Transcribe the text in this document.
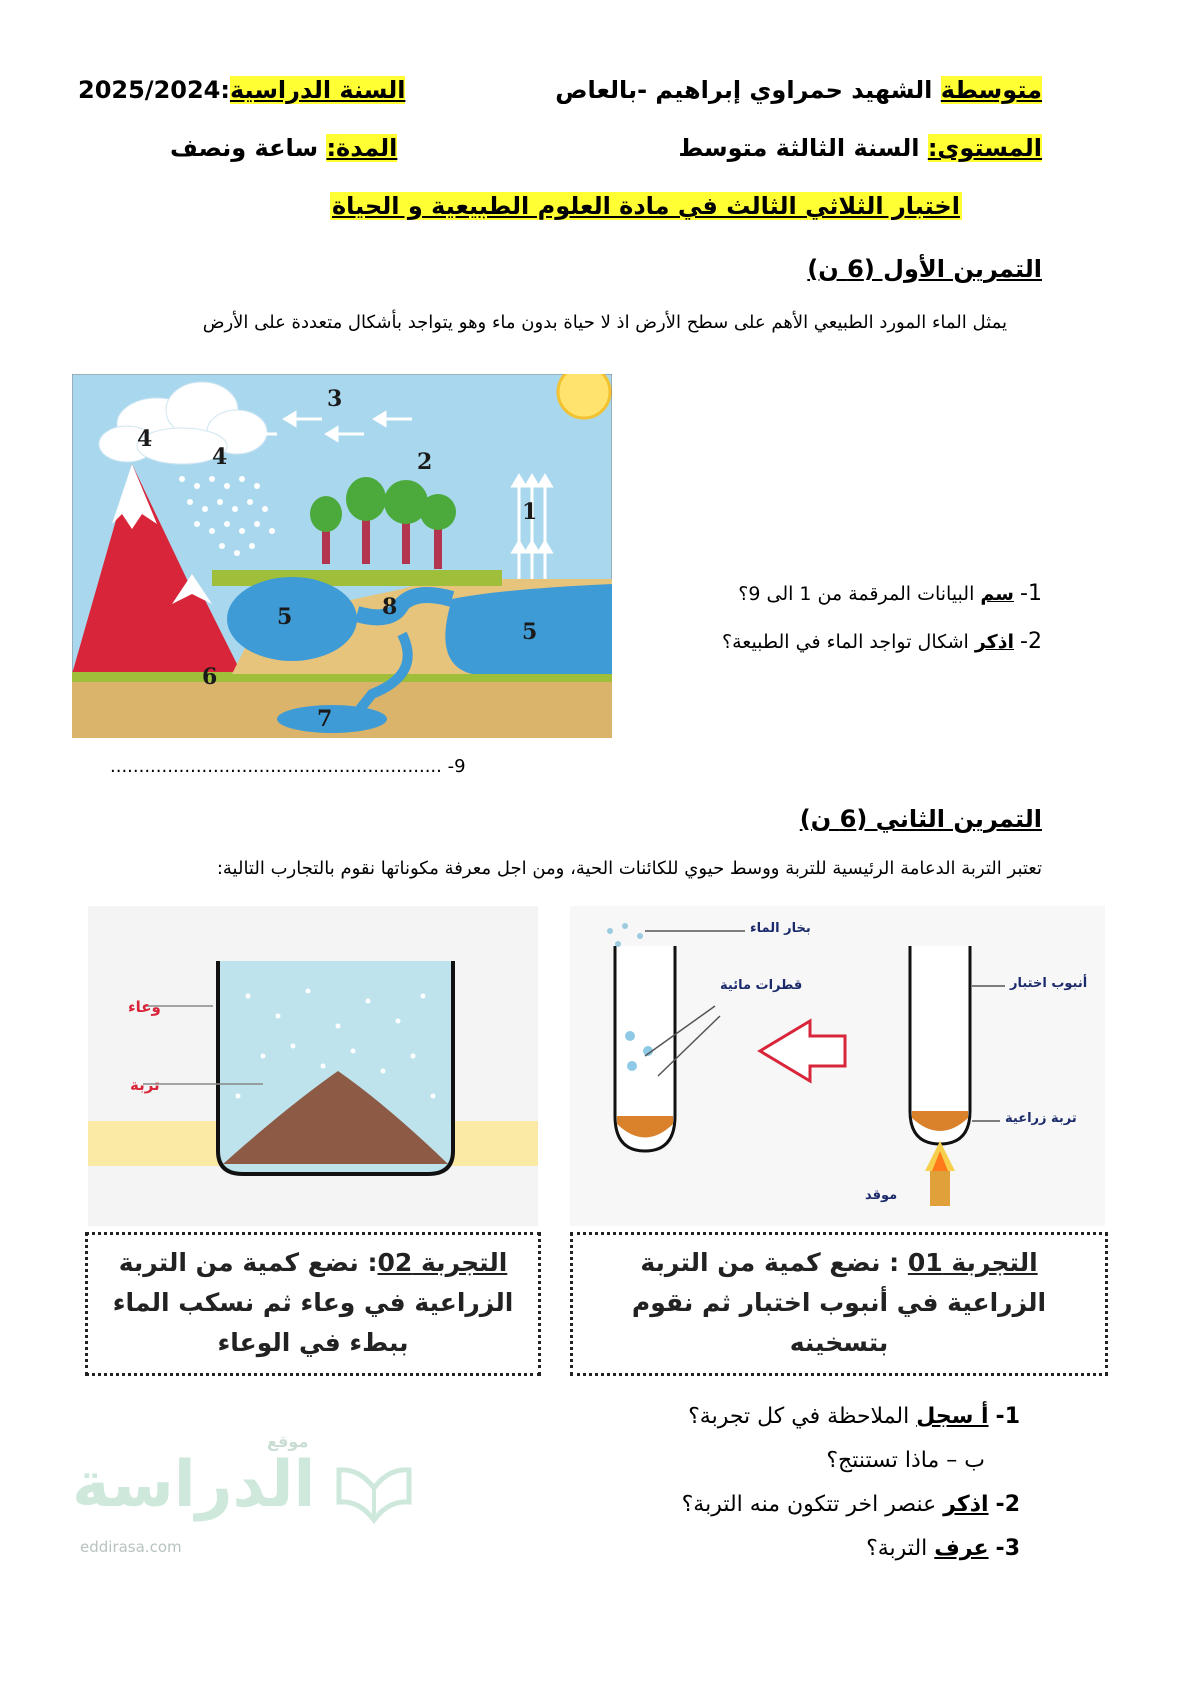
متوسطة الشهيد حمراوي إبراهيم -بالعاص
السنة الدراسية:2025/2024
المستوى: السنة الثالثة متوسط
المدة: ساعة ونصف
اختبار الثلاثي الثالث في مادة العلوم الطبيعية و الحياة
التمرين الأول (6 ن)
يمثل الماء المورد الطبيعي الأهم على سطح الأرض اذ لا حياة بدون ماء وهو يتواجد بأشكال متعددة على الأرض
1
2
3
4
4
5
5
6
7
8
1- سم البيانات المرقمة من 1 الى 9؟
2- اذكر اشكال تواجد الماء في الطبيعة؟
9- ..........................................................
التمرين الثاني (6 ن)
تعتبر التربة الدعامة الرئيسية للتربة ووسط حيوي للكائنات الحية، ومن اجل معرفة مكوناتها نقوم بالتجارب التالية:
وعاء
تربة
بخار الماء
قطرات مائية	أنبوب اختبار
تربة زراعية
موقد
التجربة 02: نضع كمية من التربة الزراعية في وعاء ثم نسكب الماء ببطء في الوعاء
التجربة 01 : نضع كمية من التربة الزراعية في أنبوب اختبار ثم نقوم بتسخينه
1- أ سجل الملاحظة في كل تجربة؟
ب – ماذا تستنتج؟
2- اذكر عنصر اخر تتكون منه التربة؟
3- عرف التربة؟
موقع
الدراسة
eddirasa.com
